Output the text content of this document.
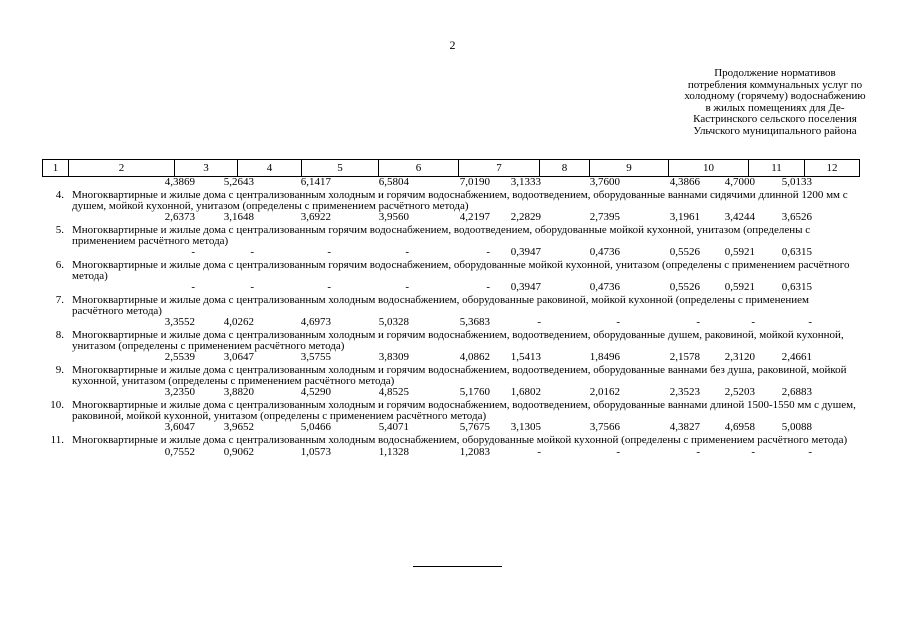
2
Продолжение нормативов
потребления коммунальных услуг по
холодному (горячему) водоснабжению
в жилых помещениях для Де-
Кастринского сельского поселения
Ульчского муниципального района
1	2	3	4	5	6	7	8	9	10	11	12
4,3869	5,2643	6,1417	6,5804	7,0190 3,1333	3,7600	4,3866 4,7000 5,0133
4. Многоквартирные и жилые дома с централизованным холодным и горячим водоснабжением, водоотведением, оборудованные ваннами сидячими длинной 1200 мм с душем, мойкой кухонной, унитазом (определены с применением расчётного метода)
2,6373	3,1648	3,6922	3,9560	4,2197 2,2829	2,7395	3,1961 3,4244 3,6526
5. Многоквартирные и жилые дома с централизованным горячим водоснабжением, водоотведением, оборудованные мойкой кухонной, унитазом (определены с применением расчётного метода)
-	-	-	-	- 0,3947	0,4736	0,5526 0,5921 0,6315
6. Многоквартирные и жилые дома с централизованным горячим водоснабжением, оборудованные мойкой кухонной, унитазом (определены с применением расчётного метода)
-	-	-	-	- 0,3947	0,4736	0,5526 0,5921 0,6315
7. Многоквартирные и жилые дома с централизованным холодным водоснабжением, оборудованные раковиной, мойкой кухонной (определены с применением расчётного метода)
3,3552	4,0262	4,6973	5,0328	5,3683	-	-	-	-	-
8. Многоквартирные и жилые дома с централизованным холодным и горячим водоснабжением, водоотведением, оборудованные душем, раковиной, мойкой кухонной, унитазом (определены с применением расчётного метода)
2,5539	3,0647	3,5755	3,8309	4,0862 1,5413	1,8496	2,1578 2,3120 2,4661
9. Многоквартирные и жилые дома с централизованным холодным и горячим водоснабжением, водоотведением, оборудованные ваннами без душа, раковиной, мойкой кухонной, унитазом (определены с применением расчётного метода)
3,2350	3,8820	4,5290	4,8525	5,1760 1,6802	2,0162	2,3523 2,5203 2,6883
10. Многоквартирные и жилые дома с централизованным холодным и горячим водоснабжением, водоотведением, оборудованные ваннами длиной 1500-1550 мм с душем, раковиной, мойкой кухонной, унитазом (определены с применением расчётного метода)
3,6047	3,9652	5,0466	5,4071	5,7675 3,1305	3,7566	4,3827 4,6958 5,0088
11. Многоквартирные и жилые дома с централизованным холодным водоснабжением, оборудованные мойкой кухонной (определены с применением расчётного метода)
0,7552	0,9062	1,0573	1,1328	1,2083	-	-	-	-	-
